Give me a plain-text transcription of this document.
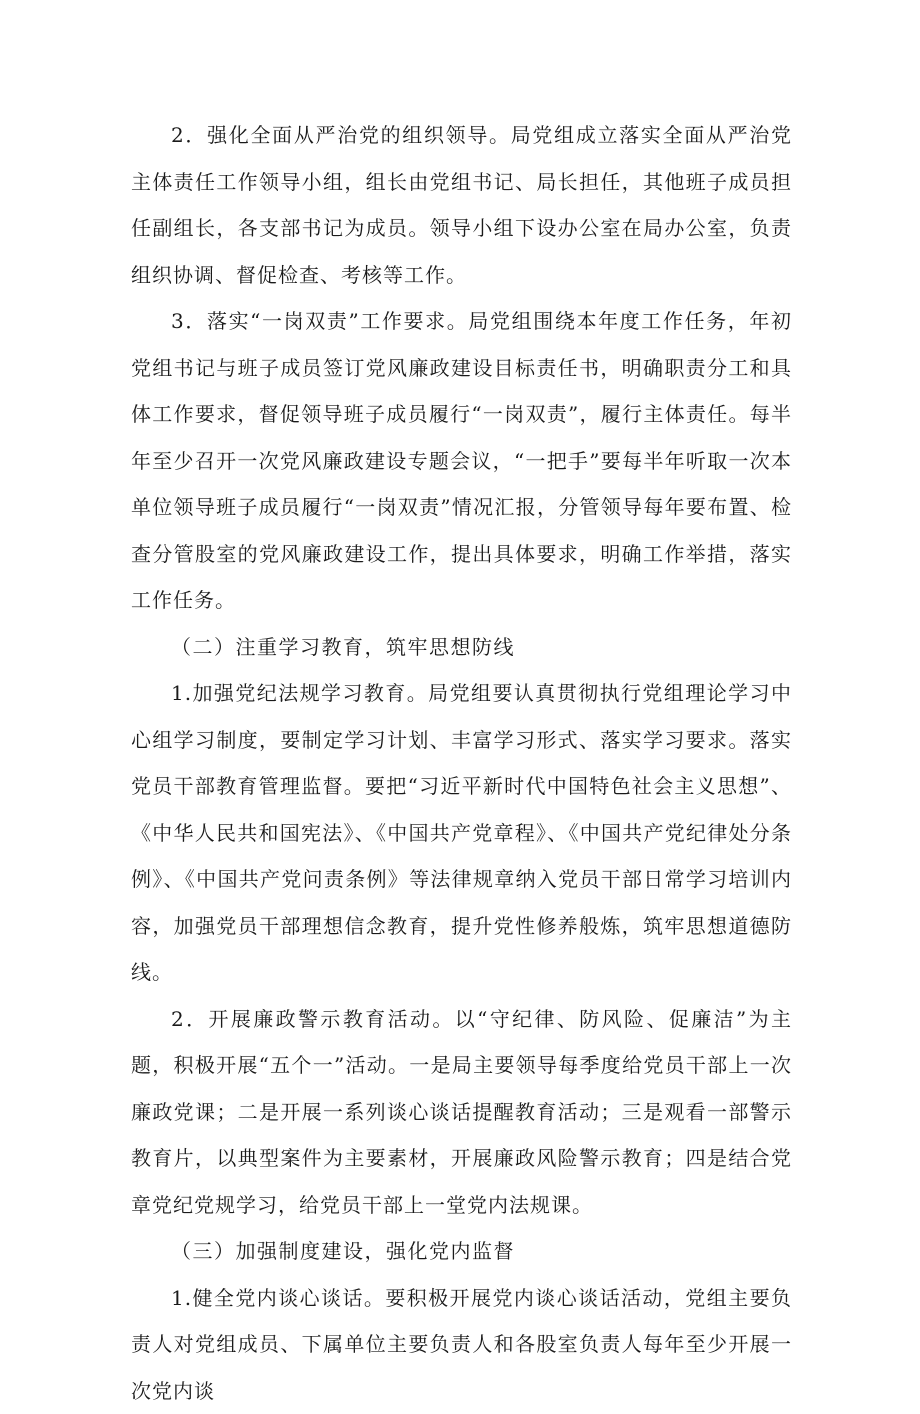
2．强化全面从严治党的组织领导。局党组成立落实全面从严治党主体责任工作领导小组，组长由党组书记、局长担任，其他班子成员担任副组长，各支部书记为成员。领导小组下设办公室在局办公室，负责组织协调、督促检查、考核等工作。

3．落实“一岗双责”工作要求。局党组围绕本年度工作任务，年初党组书记与班子成员签订党风廉政建设目标责任书，明确职责分工和具体工作要求，督促领导班子成员履行“一岗双责”，履行主体责任。每半年至少召开一次党风廉政建设专题会议，“一把手”要每半年听取一次本单位领导班子成员履行“一岗双责”情况汇报，分管领导每年要布置、检查分管股室的党风廉政建设工作，提出具体要求，明确工作举措，落实工作任务。

（二）注重学习教育，筑牢思想防线

1.加强党纪法规学习教育。局党组要认真贯彻执行党组理论学习中心组学习制度，要制定学习计划、丰富学习形式、落实学习要求。落实党员干部教育管理监督。要把“习近平新时代中国特色社会主义思想”、《中华人民共和国宪法》、《中国共产党章程》、《中国共产党纪律处分条例》、《中国共产党问责条例》等法律规章纳入党员干部日常学习培训内容，加强党员干部理想信念教育，提升党性修养般炼，筑牢思想道德防线。

2．开展廉政警示教育活动。以“守纪律、防风险、促廉洁”为主题，积极开展“五个一”活动。一是局主要领导每季度给党员干部上一次廉政党课；二是开展一系列谈心谈话提醒教育活动；三是观看一部警示教育片，以典型案件为主要素材，开展廉政风险警示教育；四是结合党章党纪党规学习，给党员干部上一堂党内法规课。

（三）加强制度建设，强化党内监督

1.健全党内谈心谈话。要积极开展党内谈心谈话活动，党组主要负责人对党组成员、下属单位主要负责人和各股室负责人每年至少开展一次党内谈
